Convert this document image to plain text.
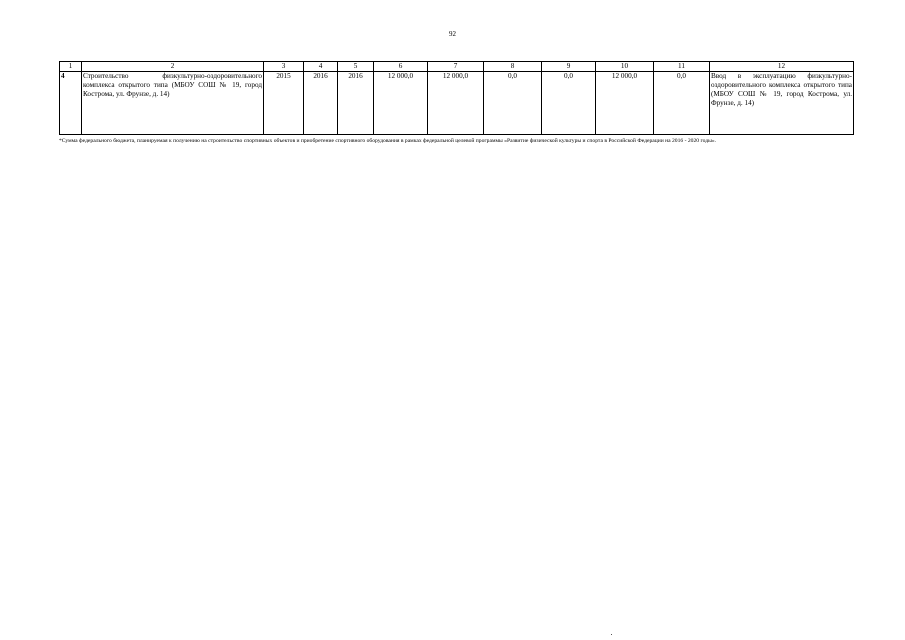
92
1	2	3	4	5	6	7	8	9	10	11	12
4	Строительство физкультурно-оздоровительного комплекса открытого типа (МБОУ СОШ № 19, город Кострома, ул. Фрунзе, д. 14)	2015	2016	2016	12 000,0	12 000,0	0,0	0,0	12 000,0	0,0	Ввод в эксплуатацию физкультурно-оздоровительного комплекса открытого типа (МБОУ СОШ № 19, город Кострома, ул. Фрунзе, д. 14)
*Сумма федерального бюджета, планируемая к получению на строительство спортивных объектов и приобретение спортивного оборудования в рамках федеральной целевой программы «Развитие физической культуры и спорта в Российской Федерации на 2016 - 2020 годы».
